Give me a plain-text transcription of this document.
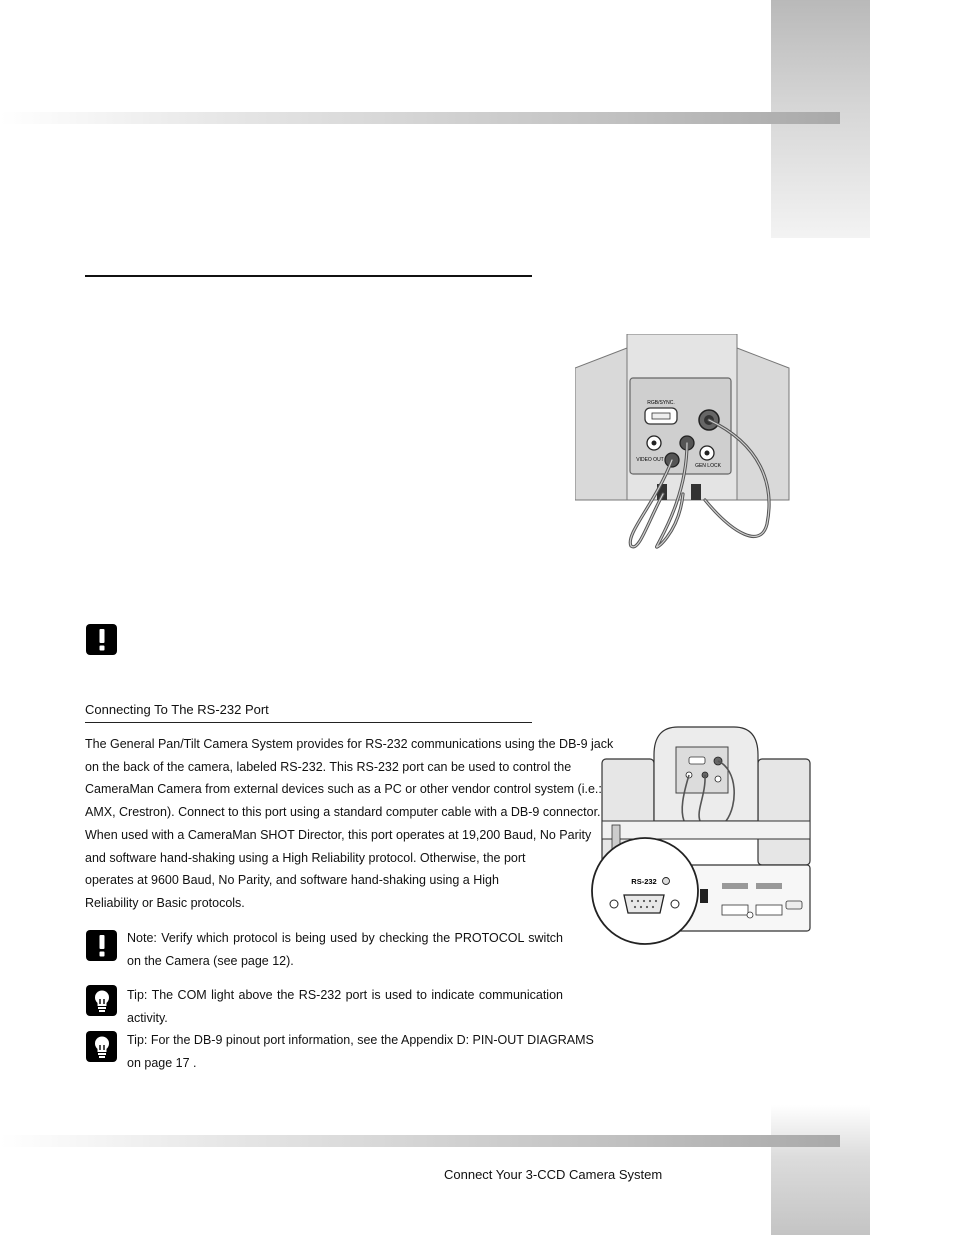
RGB/SYNC.
VIDEO OUT
GEN LOCK
Connecting To The RS-232 Port

The General Pan/Tilt Camera System provides for RS-232 communications using the DB-9 jack
on the back of the camera, labeled RS-232. This RS-232 port can be used to control the
CameraMan Camera from external devices such as a PC or other vendor control system (i.e.:
AMX, Crestron). Connect to this port using a standard computer cable with a DB-9 connector.
When used with a CameraMan SHOT Director, this port operates at 19,200 Baud, No Parity
and software hand-shaking using a High Reliability protocol. Otherwise, the port
operates at 9600 Baud, No Parity, and software hand-shaking using a High
Reliability or Basic protocols.

Note: Verify which protocol is being used by checking the PROTOCOL switch on the Camera (see page 12).

Tip: The COM light above the RS-232 port is used to indicate communication activity.

Tip: For the DB-9 pinout port information, see the Appendix D: PIN-OUT DIAGRAMS
on page 17 .

RS-232
Connect Your 3-CCD Camera System
